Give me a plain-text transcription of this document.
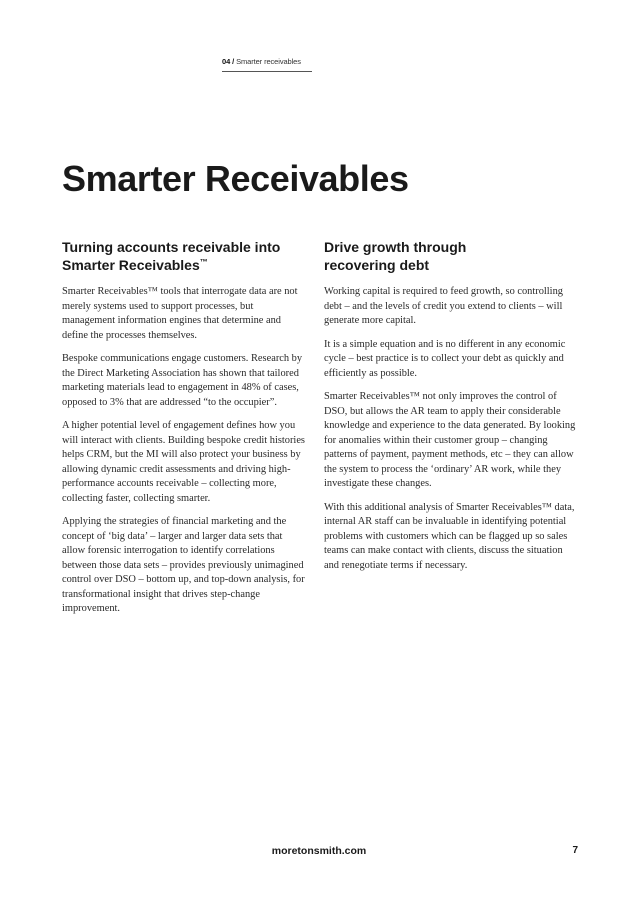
04 / Smarter receivables
Smarter Receivables
Turning accounts receivable into
Smarter Receivables™

Smarter Receivables™ tools that interrogate data are not merely systems used to support processes, but management information engines that determine and define the processes themselves.

Bespoke communications engage customers. Research by the Direct Marketing Association has shown that tailored marketing materials lead to engagement in 48% of cases, opposed to 3% that are addressed “to the occupier”.

A higher potential level of engagement defines how you will interact with clients. Building bespoke credit histories helps CRM, but the MI will also protect your business by allowing dynamic credit assessments and driving high-performance accounts receivable – collecting more, collecting faster, collecting smarter.

Applying the strategies of financial marketing and the concept of ‘big data’ – larger and larger data sets that allow forensic interrogation to identify correlations between those data sets – provides previously unimagined control over DSO – bottom up, and top-down analysis, for transformational insight that drives step-change improvement.

Drive growth through
recovering debt

Working capital is required to feed growth, so controlling debt – and the levels of credit you extend to clients – will generate more capital.

It is a simple equation and is no different in any economic cycle – best practice is to collect your debt as quickly and efficiently as possible.

Smarter Receivables™ not only improves the control of DSO, but allows the AR team to apply their considerable knowledge and experience to the data generated. By looking for anomalies within their customer group – changing patterns of payment, payment methods, etc – they can allow the system to process the ‘ordinary’ AR work, while they investigate these changes.

With this additional analysis of Smarter Receivables™ data, internal AR staff can be invaluable in identifying potential problems with customers which can be flagged up so sales teams can make contact with clients, discuss the situation and renegotiate terms if necessary.

moretonsmith.com	7
